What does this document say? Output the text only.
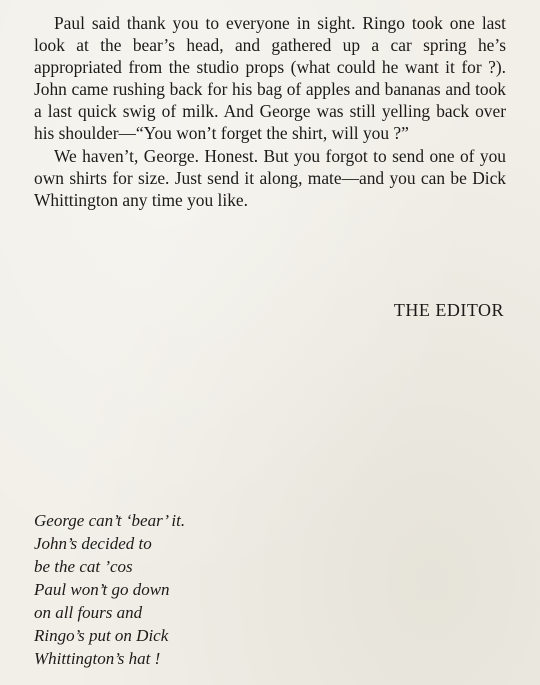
Paul said thank you to everyone in sight. Ringo took one last look at the bear’s head, and gathered up a car spring he’s appropriated from the studio props (what could he want it for ?). John came rushing back for his bag of apples and bananas and took a last quick swig of milk. And George was still yelling back over his shoulder—“You won’t forget the shirt, will you ?”

We haven’t, George. Honest. But you forgot to send one of you own shirts for size. Just send it along, mate—and you can be Dick Whittington any time you like.

THE EDITOR
George can’t ‘bear’ it.
John’s decided to
be the cat ’cos
Paul won’t go down
on all fours and
Ringo’s put on Dick
Whittington’s hat !
